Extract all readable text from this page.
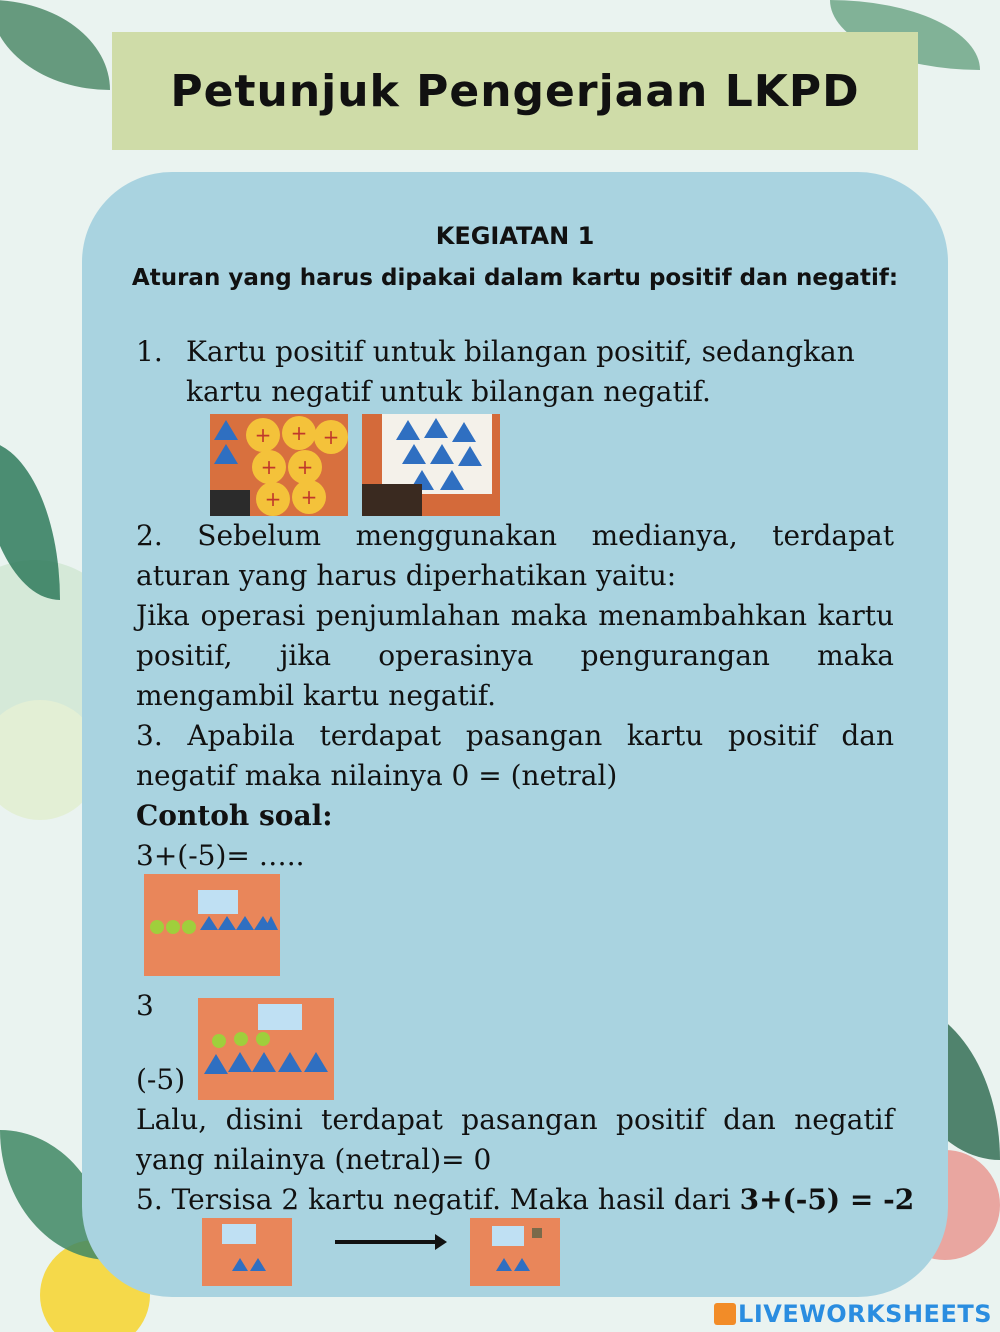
Petunjuk Pengerjaan LKPD
KEGIATAN 1
Aturan yang harus dipakai dalam kartu positif dan negatif:
1. Kartu positif untuk bilangan positif, sedangkan kartu negatif untuk bilangan negatif.
+ + +
+ +
+ +
2. Sebelum menggunakan medianya, terdapat aturan yang harus diperhatikan yaitu:
Jika operasi penjumlahan maka menambahkan kartu positif, jika operasinya pengurangan maka mengambil kartu negatif.
3. Apabila terdapat pasangan kartu positif dan negatif maka nilainya 0 = (netral)
Contoh soal:
3+(-5)= …..
3
(-5)
Lalu, disini terdapat pasangan positif dan negatif yang nilainya (netral)= 0
5. Tersisa 2 kartu negatif. Maka hasil dari 3+(-5) = -2
LIVEWORKSHEETS
